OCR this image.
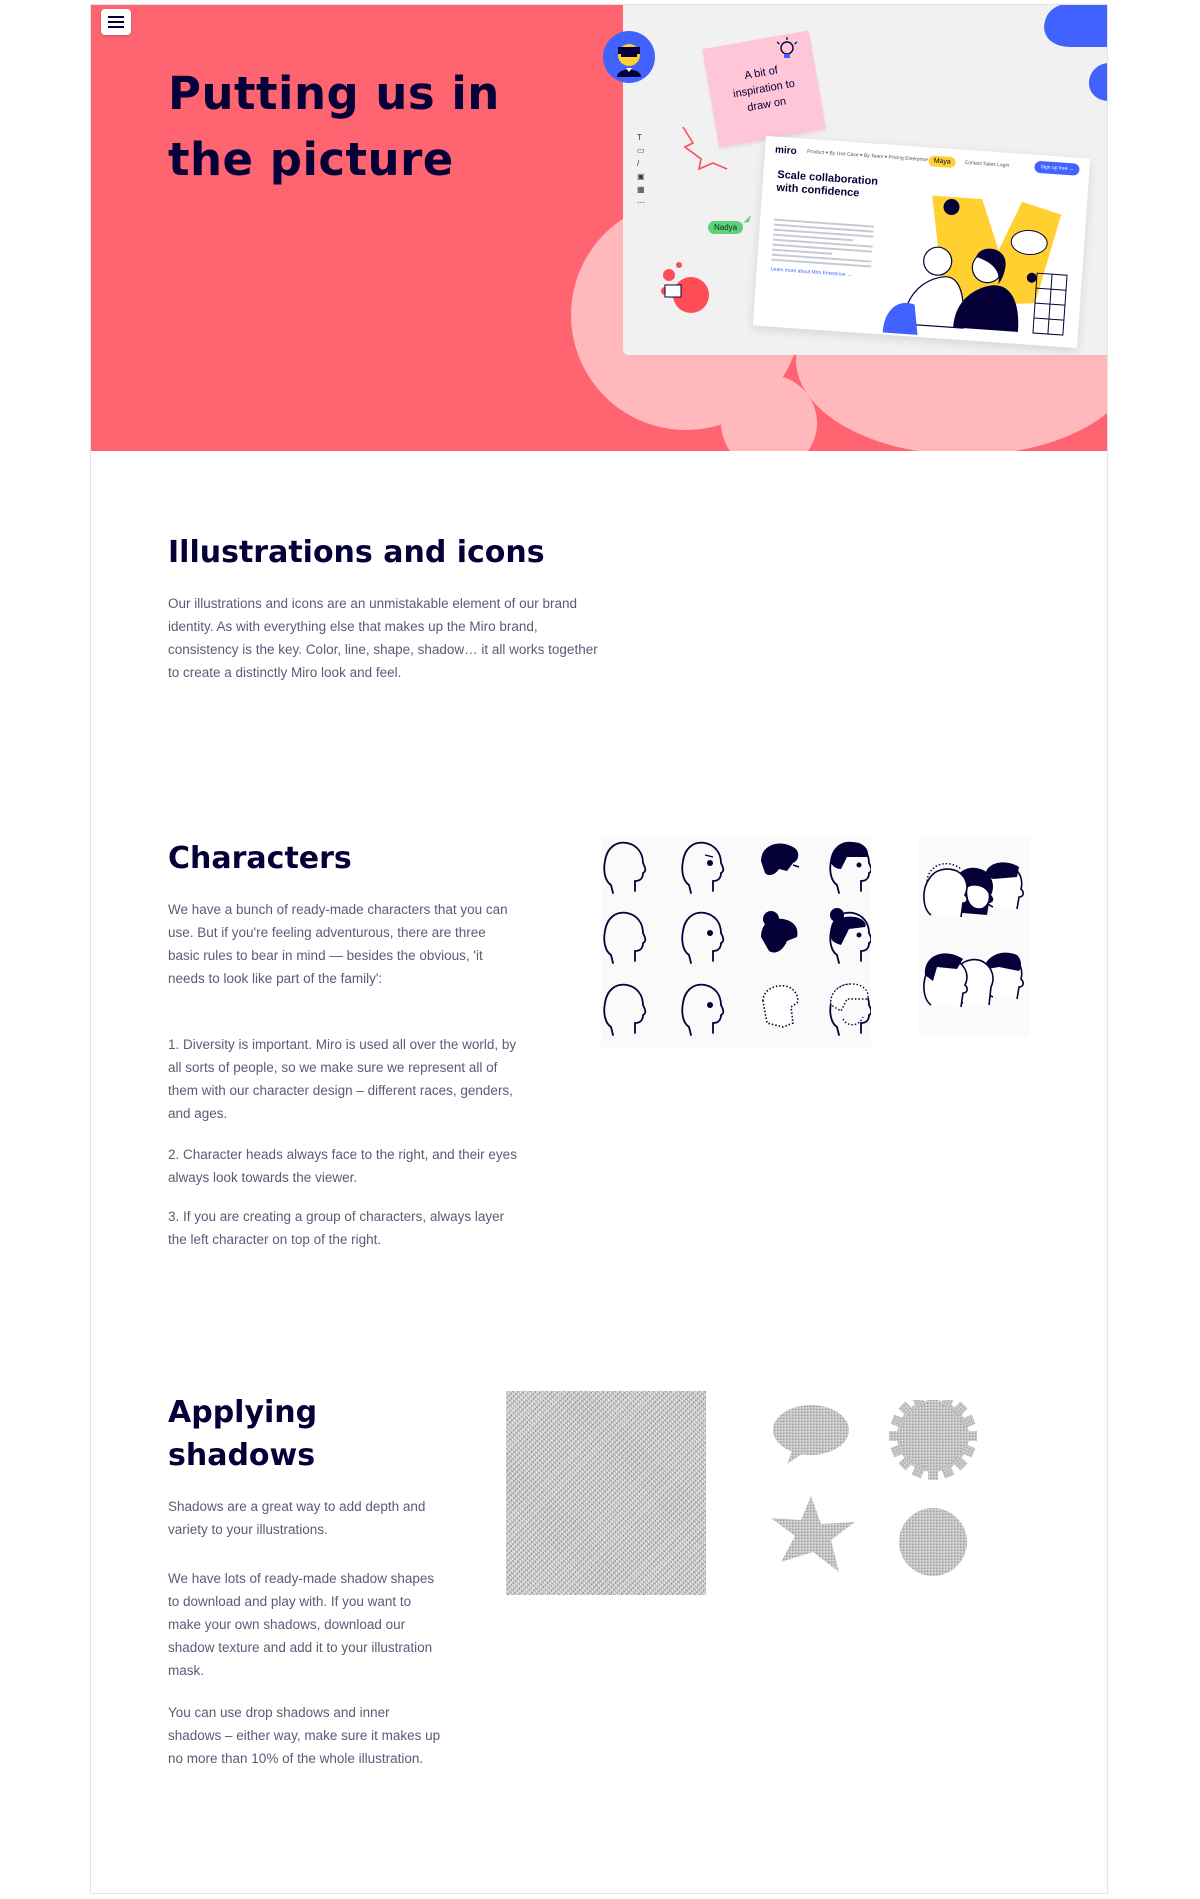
Putting us in the picture
A bit of inspiration to draw on
T
▭
/
▣
▦
⋯
Nadya
miro Product ▾ By Use Case ▾ By Team ▾ Pricing Enterprise Maya	Contact Sales Login	Sign up free →
Scale collaboration with confidence
Learn more about Miro Enterprise →
Illustrations and icons

Our illustrations and icons are an unmistakable element of our brand identity. As with everything else that makes up the Miro brand, consistency is the key. Color, line, shape, shadow… it all works together to create a distinctly Miro look and feel.

Characters

We have a bunch of ready-made characters that you can use. But if you're feeling adventurous, there are three basic rules to bear in mind — besides the obvious, 'it needs to look like part of the family':

1. Diversity is important. Miro is used all over the world, by all sorts of people, so we make sure we represent all of them with our character design – different races, genders, and ages.

2. Character heads always face to the right, and their eyes always look towards the viewer.

3. If you are creating a group of characters, always layer the left character on top of the right.

Applying shadows

Shadows are a great way to add depth and variety to your illustrations.

We have lots of ready-made shadow shapes to download and play with. If you want to make your own shadows, download our shadow texture and add it to your illustration mask.

You can use drop shadows and inner shadows – either way, make sure it makes up no more than 10% of the whole illustration.
